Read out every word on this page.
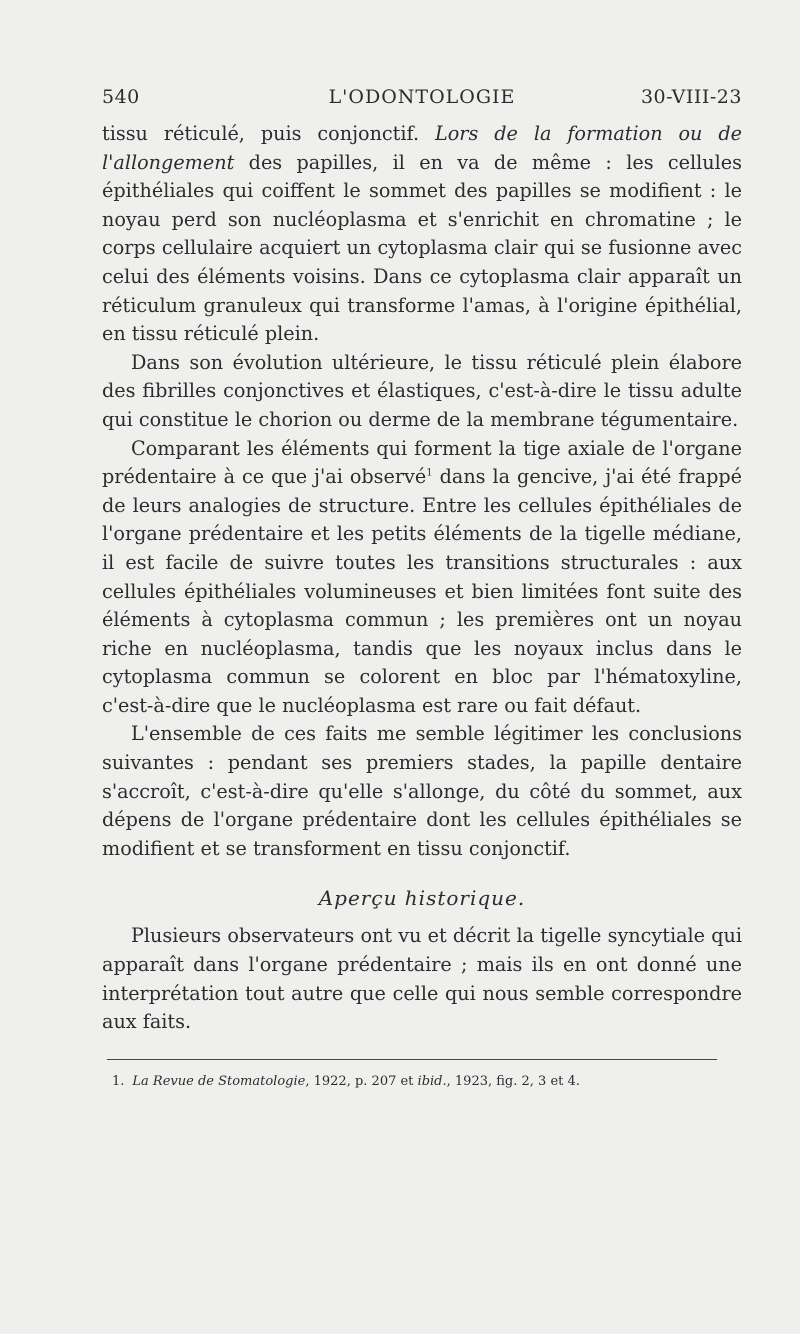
540	L'ODONTOLOGIE	30-VIII-23

tissu réticulé, puis conjonctif. Lors de la formation ou de l'allongement des papilles, il en va de même : les cellules épithéliales qui coiffent le sommet des papilles se modifient : le noyau perd son nucléoplasma et s'enrichit en chromatine ; le corps cellulaire acquiert un cytoplasma clair qui se fusionne avec celui des éléments voisins. Dans ce cytoplasma clair apparaît un réticulum granuleux qui transforme l'amas, à l'origine épithélial, en tissu réticulé plein.

Dans son évolution ultérieure, le tissu réticulé plein élabore des fibrilles conjonctives et élastiques, c'est-à-dire le tissu adulte qui constitue le chorion ou derme de la membrane tégumentaire.

Comparant les éléments qui forment la tige axiale de l'organe prédentaire à ce que j'ai observé$^1$ dans la gencive, j'ai été frappé de leurs analogies de structure. Entre les cellules épithéliales de l'organe prédentaire et les petits éléments de la tigelle médiane, il est facile de suivre toutes les transitions structurales : aux cellules épithéliales volumineuses et bien limitées font suite des éléments à cytoplasma commun ; les premières ont un noyau riche en nucléoplasma, tandis que les noyaux inclus dans le cytoplasma commun se colorent en bloc par l'hématoxyline, c'est-à-dire que le nucléoplasma est rare ou fait défaut.

L'ensemble de ces faits me semble légitimer les conclusions suivantes : pendant ses premiers stades, la papille dentaire s'accroît, c'est-à-dire qu'elle s'allonge, du côté du sommet, aux dépens de l'organe prédentaire dont les cellules épithéliales se modifient et se transforment en tissu conjonctif.

Aperçu historique.

Plusieurs observateurs ont vu et décrit la tigelle syncytiale qui apparaît dans l'organe prédentaire ; mais ils en ont donné une interprétation tout autre que celle qui nous semble correspondre aux faits.

1. La Revue de Stomatologie, 1922, p. 207 et ibid., 1923, fig. 2, 3 et 4.
